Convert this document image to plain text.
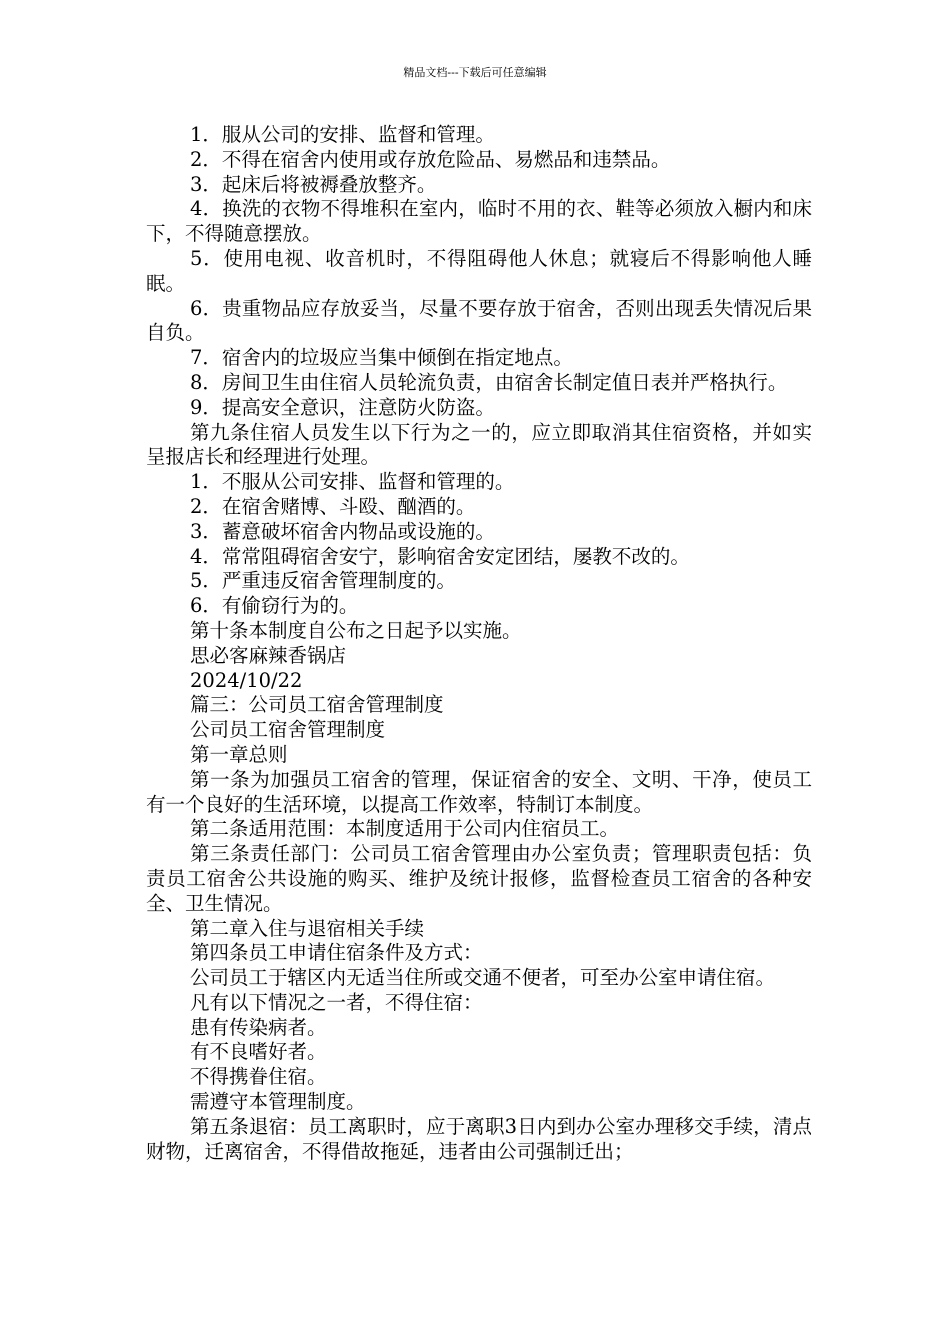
精品文档---下载后可任意编辑

1．服从公司的安排、监督和管理。

2．不得在宿舍内使用或存放危险品、易燃品和违禁品。

3．起床后将被褥叠放整齐。

4．换洗的衣物不得堆积在室内，临时不用的衣、鞋等必须放入橱内和床下，不得随意摆放。

5．使用电视、收音机时，不得阻碍他人休息；就寝后不得影响他人睡眠。

6．贵重物品应存放妥当，尽量不要存放于宿舍，否则出现丢失情况后果自负。

7．宿舍内的垃圾应当集中倾倒在指定地点。

8．房间卫生由住宿人员轮流负责，由宿舍长制定值日表并严格执行。

9．提高安全意识，注意防火防盗。

第九条住宿人员发生以下行为之一的，应立即取消其住宿资格，并如实呈报店长和经理进行处理。

1．不服从公司安排、监督和管理的。

2．在宿舍赌博、斗殴、酗酒的。

3．蓄意破坏宿舍内物品或设施的。

4．常常阻碍宿舍安宁，影响宿舍安定团结，屡教不改的。

5．严重违反宿舍管理制度的。

6．有偷窃行为的。

第十条本制度自公布之日起予以实施。

思必客麻辣香锅店

2024/10/22

篇三：公司员工宿舍管理制度

公司员工宿舍管理制度

第一章总则

第一条为加强员工宿舍的管理，保证宿舍的安全、文明、干净，使员工有一个良好的生活环境，以提高工作效率，特制订本制度。

第二条适用范围：本制度适用于公司内住宿员工。

第三条责任部门：公司员工宿舍管理由办公室负责；管理职责包括：负责员工宿舍公共设施的购买、维护及统计报修，监督检查员工宿舍的各种安全、卫生情况。

第二章入住与退宿相关手续

第四条员工申请住宿条件及方式：

公司员工于辖区内无适当住所或交通不便者，可至办公室申请住宿。

凡有以下情况之一者，不得住宿：

患有传染病者。

有不良嗜好者。

不得携眷住宿。

需遵守本管理制度。

第五条退宿：员工离职时，应于离职3日内到办公室办理移交手续，清点财物，迁离宿舍，不得借故拖延，违者由公司强制迁出；
